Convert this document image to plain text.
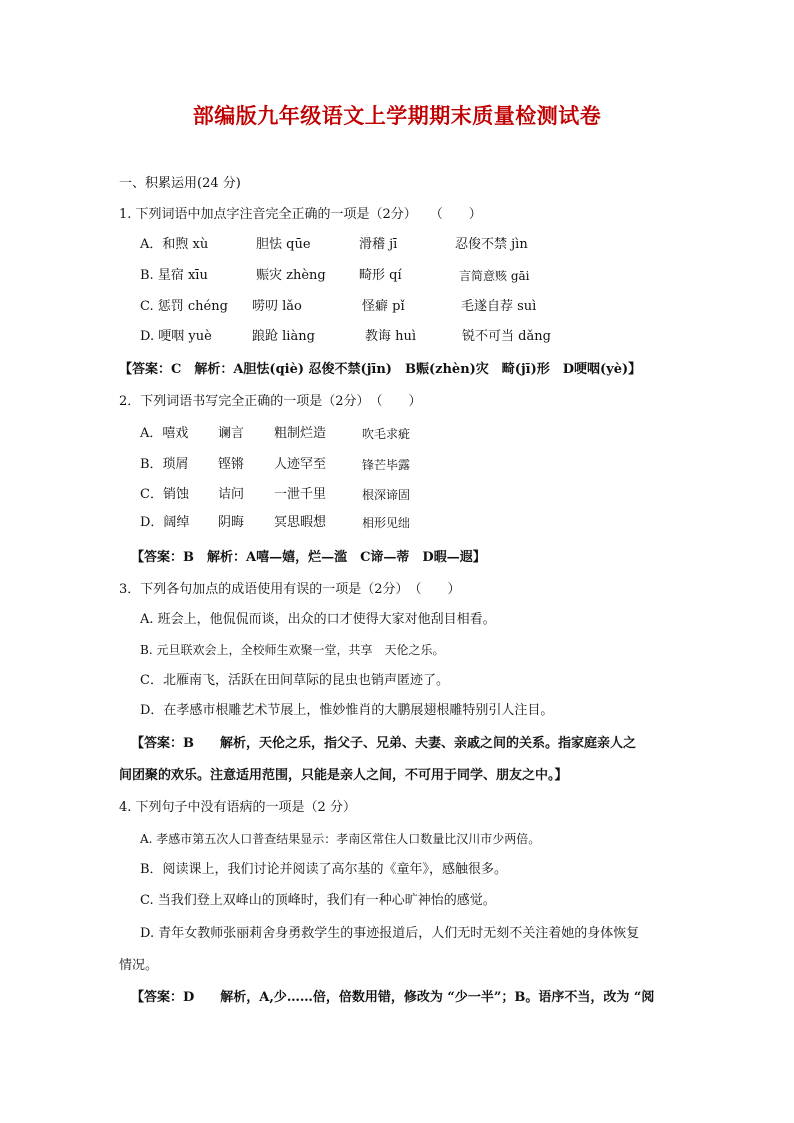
部编版九年级语文上学期期末质量检测试卷
一、积累运用(24 分)
1. 下列词语中加点字注音完全正确的一项是（2分）　　（　　）
A．和煦 xù	胆怯 qūe	滑稽 jī	忍俊不禁 jìn
B. 星宿 xīu	赈灾 zhèng	畸形 qí	言简意赅 gāi
C. 惩罚 chéng 唠叨 lǎo	怪癖 pǐ	毛遂自荐 suì
D. 哽咽 yuè	踉跄 liàng	教诲 huì	锐不可当 dǎng
【答案：C　解析：A胆怯(qiè) 忍俊不禁(jīn)　B赈(zhèn)灾　畸(jī)形　D哽咽(yè)】
2．下列词语书写完全正确的一项是（2分）　（　　）
A．嘻戏 谰言 粗制烂造	吹毛求疵
B．琐屑 铿锵 人迹罕至	锋芒毕露
C．销蚀 诘问 一泄千里	根深谛固
D．阔绰 阴晦 冥思暇想	相形见绌
【答案：B　解析：A嘻—嬉，烂—滥　C谛—蒂　D暇—遐】
3．下列各句加点的成语使用有误的一项是（2分）　（　　）
A. 班会上，他侃侃而谈，出众的口才使得大家对他刮目相看。
B. 元旦联欢会上，全校师生欢聚一堂，共享　天伦之乐。
C．北雁南飞，活跃在田间草际的昆虫也销声匿迹了。
D．在孝感市根雕艺术节展上，惟妙惟肖的大鹏展翅根雕特别引人注目。
【答案：B　　解析，天伦之乐，指父子、兄弟、夫妻、亲戚之间的关系。指家庭亲人之
间团聚的欢乐。注意适用范围，只能是亲人之间，不可用于同学、朋友之中。】
4. 下列句子中没有语病的一项是（2 分）
A. 孝感市第五次人口普查结果显示：孝南区常住人口数量比汉川市少两倍。
B．阅读课上，我们讨论并阅读了高尔基的《童年》，感触很多。
C. 当我们登上双峰山的顶峰时，我们有一种心旷神怡的感觉。
D. 青年女教师张丽莉舍身勇救学生的事迹报道后，人们无时无刻不关注着她的身体恢复
情况。
【答案：D　　解析，A,少……倍，倍数用错，修改为 “少一半”；B。语序不当，改为 “阅
